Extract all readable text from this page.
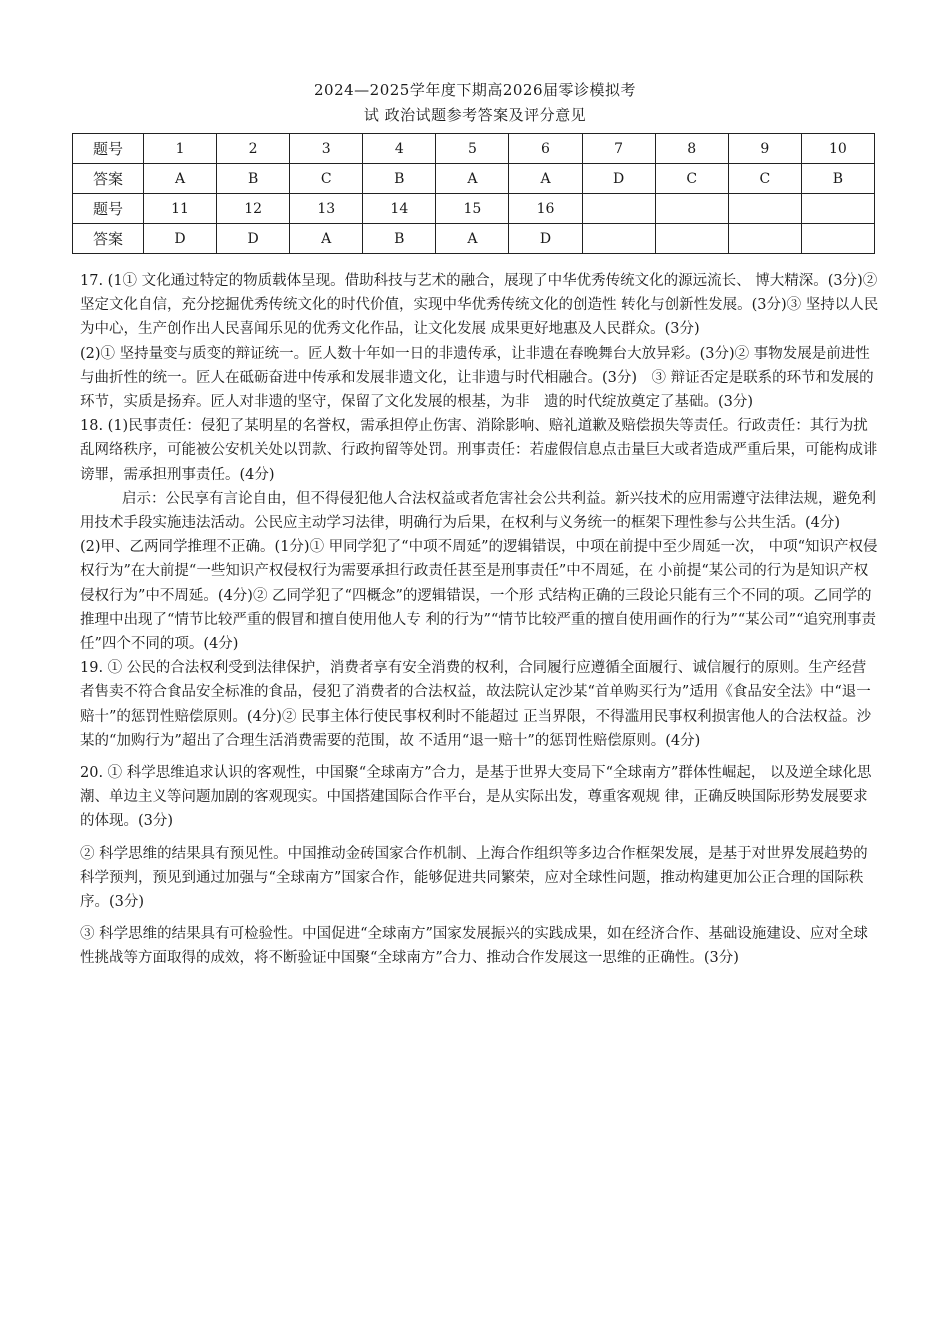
2024—2025学年度下期高2026届零诊模拟考
试 政治试题参考答案及评分意见
题号	1	2	3	4	5	6	7	8	9	10
答案	A	B	C	B	A	A	D	C	C	B
题号	11	12	13	14	15	16				
答案	D	D	A	B	A	D				

17. (1① 文化通过特定的物质载体呈现。借助科技与艺术的融合，展现了中华优秀传统文化的源远流长、 博大精深。(3分)② 坚定文化自信，充分挖掘优秀传统文化的时代价值，实现中华优秀传统文化的创造性 转化与创新性发展。(3分)③ 坚持以人民为中心，生产创作出人民喜闻乐见的优秀文化作品，让文化发展 成果更好地惠及人民群众。(3分)

(2)① 坚持量变与质变的辩证统一。匠人数十年如一日的非遗传承，让非遗在春晚舞台大放异彩。(3分)② 事物发展是前进性与曲折性的统一。匠人在砥砺奋进中传承和发展非遗文化，让非遗与时代相融合。(3分)　③ 辩证否定是联系的环节和发展的环节，实质是扬弃。匠人对非遗的坚守，保留了文化发展的根基，为非　遗的时代绽放奠定了基础。(3分)

18. (1)民事责任：侵犯了某明星的名誉权，需承担停止伤害、消除影响、赔礼道歉及赔偿损失等责任。行政责任：其行为扰乱网络秩序，可能被公安机关处以罚款、行政拘留等处罚。刑事责任：若虚假信息点击量巨大或者造成严重后果，可能构成诽谤罪，需承担刑事责任。(4分)

启示：公民享有言论自由，但不得侵犯他人合法权益或者危害社会公共利益。新兴技术的应用需遵守法律法规，避免利用技术手段实施违法活动。公民应主动学习法律，明确行为后果，在权利与义务统一的框架下理性参与公共生活。(4分)

(2)甲、乙两同学推理不正确。(1分)① 甲同学犯了“中项不周延”的逻辑错误，中项在前提中至少周延一次， 中项“知识产权侵权行为”在大前提“一些知识产权侵权行为需要承担行政责任甚至是刑事责任”中不周延，在 小前提“某公司的行为是知识产权侵权行为”中不周延。(4分)② 乙同学犯了“四概念”的逻辑错误，一个形 式结构正确的三段论只能有三个不同的项。乙同学的推理中出现了“情节比较严重的假冒和擅自使用他人专 利的行为”“情节比较严重的擅自使用画作的行为”“某公司”“追究刑事责任”四个不同的项。(4分)

19. ① 公民的合法权利受到法律保护，消费者享有安全消费的权利，合同履行应遵循全面履行、诚信履行的原则。生产经营者售卖不符合食品安全标准的食品，侵犯了消费者的合法权益，故法院认定沙某“首单购买行为”适用《食品安全法》中“退一赔十”的惩罚性赔偿原则。(4分)② 民事主体行使民事权利时不能超过 正当界限，不得滥用民事权利损害他人的合法权益。沙某的“加购行为”超出了合理生活消费需要的范围，故 不适用“退一赔十”的惩罚性赔偿原则。(4分)

20. ① 科学思维追求认识的客观性，中国聚“全球南方”合力，是基于世界大变局下“全球南方”群体性崛起， 以及逆全球化思潮、单边主义等问题加剧的客观现实。中国搭建国际合作平台，是从实际出发，尊重客观规 律，正确反映国际形势发展要求的体现。(3分)

② 科学思维的结果具有预见性。中国推动金砖国家合作机制、上海合作组织等多边合作框架发展，是基于对世界发展趋势的科学预判，预见到通过加强与“全球南方”国家合作，能够促进共同繁荣，应对全球性问题，推动构建更加公正合理的国际秩序。(3分)

③ 科学思维的结果具有可检验性。中国促进“全球南方”国家发展振兴的实践成果，如在经济合作、基础设施建设、应对全球性挑战等方面取得的成效，将不断验证中国聚“全球南方”合力、推动合作发展这一思维的正确性。(3分)
